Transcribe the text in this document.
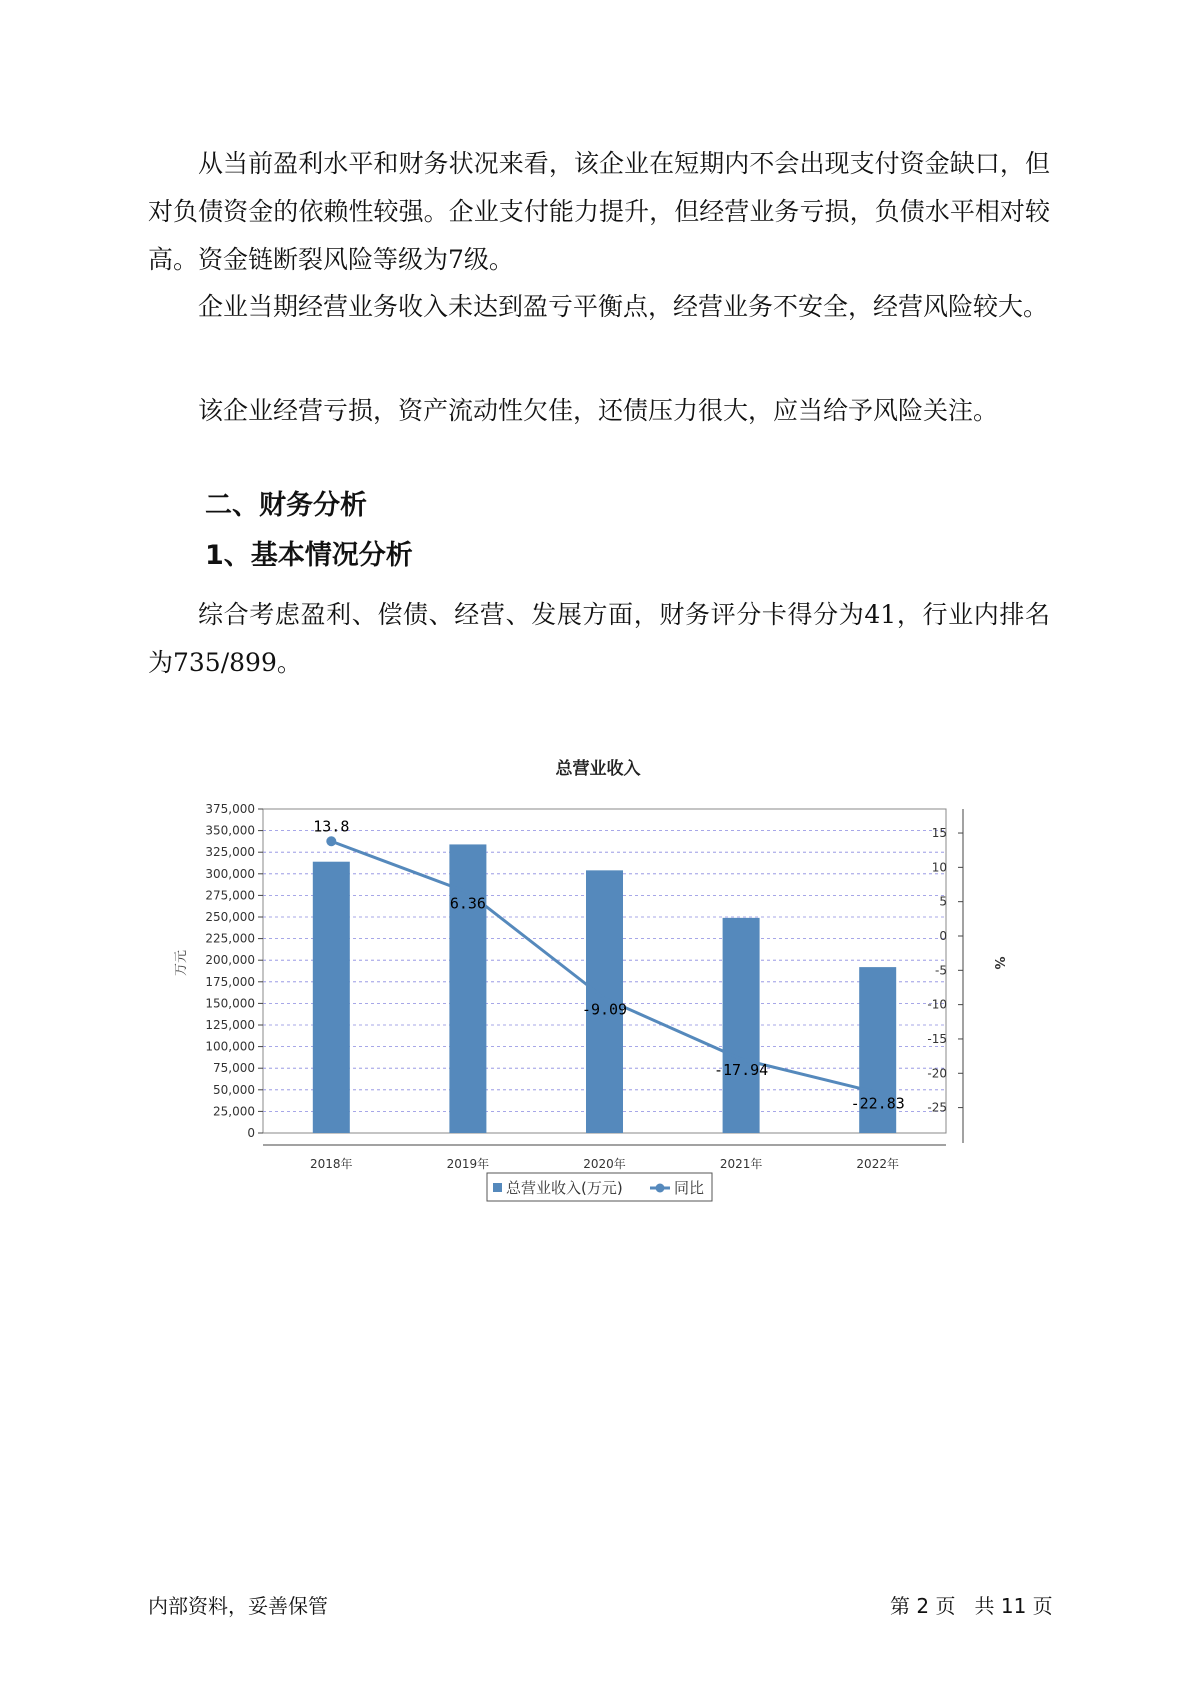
从当前盈利水平和财务状况来看，该企业在短期内不会出现支付资金缺口，但对负债资金的依赖性较强。企业支付能力提升，但经营业务亏损，负债水平相对较高。资金链断裂风险等级为7级。

企业当期经营业务收入未达到盈亏平衡点，经营业务不安全，经营风险较大。

该企业经营亏损，资产流动性欠佳，还债压力很大，应当给予风险关注。

二、财务分析
1、基本情况分析

综合考虑盈利、偿债、经营、发展方面，财务评分卡得分为41，行业内排名为735/899。

0
25,000
50,000
75,000
100,000
125,000
150,000
175,000
200,000
225,000
250,000
275,000
300,000
325,000
350,000
375,000
15
10
5
0
-5
-10
-15
-20
-25
2018年	2019年	2020年	2021年	2022年
13.8
6.36
-9.09
-17.94
-22.83
总营业收入
万元	%
总营业收入(万元)	同比
内部资料，妥善保管	第 2 页   共 11 页
